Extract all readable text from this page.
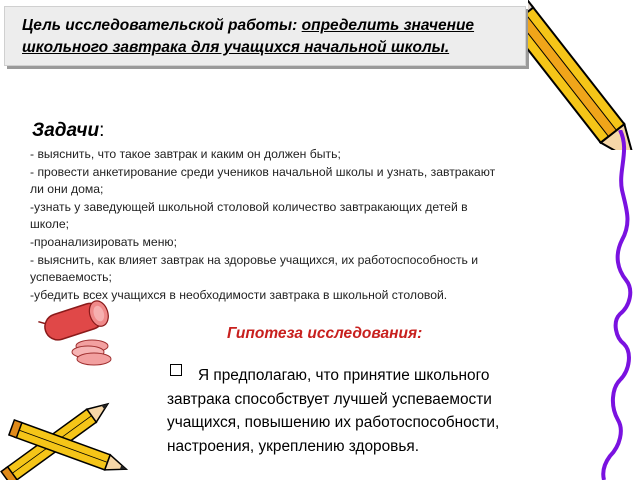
Цель исследовательской работы: определить значение
школьного завтрака для учащихся начальной школы.
Задачи:
- выяснить, что такое завтрак и каким он должен быть;
- провести анкетирование среди учеников начальной школы и узнать, завтракают
ли они дома;
-узнать у заведующей школьной столовой количество завтракающих детей в
школе;
-проанализировать меню;
- выяснить, как влияет завтрак на здоровье учащихся, их работоспособность и
успеваемость;
-убедить всех учащихся в необходимости завтрака в школьной столовой.
Гипотеза исследования:
Я предполагаю, что принятие школьного
завтрака способствует лучшей успеваемости
учащихся, повышению их работоспособности,
настроения, укреплению здоровья.
